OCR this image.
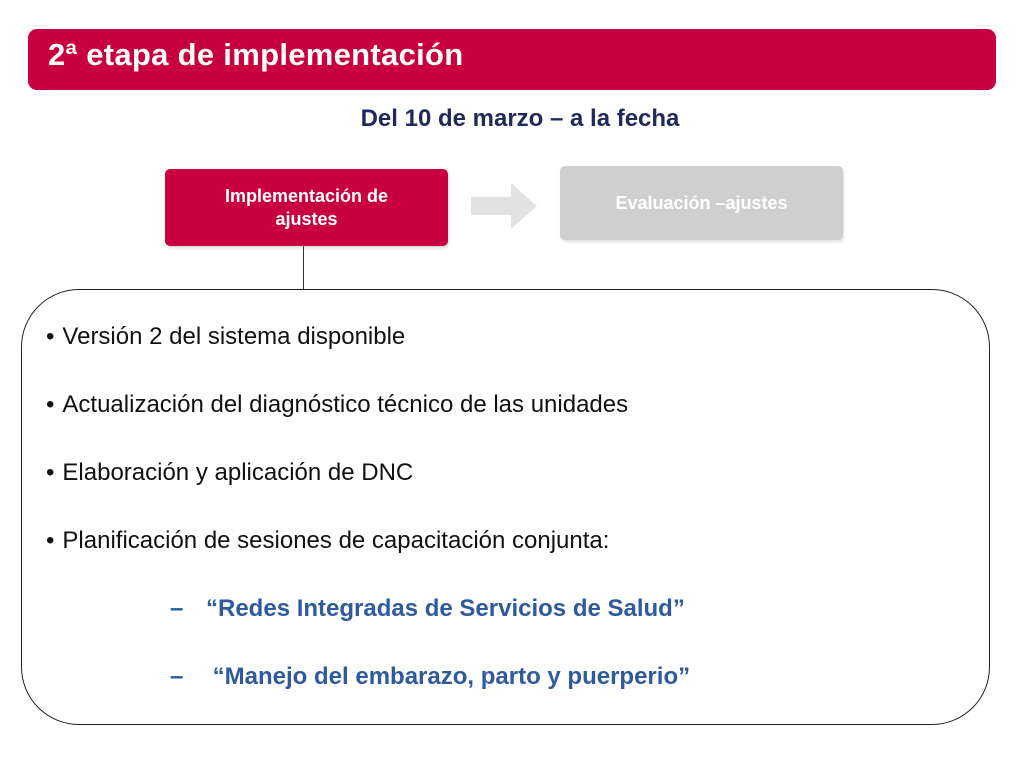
2ª etapa de implementación
Del 10 de marzo – a la fecha
Implementación de ajustes
Evaluación –ajustes
• Versión 2 del sistema disponible
• Actualización del diagnóstico técnico de las unidades
• Elaboración y aplicación de DNC
• Planificación de sesiones de capacitación conjunta:
– “Redes Integradas de Servicios de Salud”
– “Manejo del embarazo, parto y puerperio”
